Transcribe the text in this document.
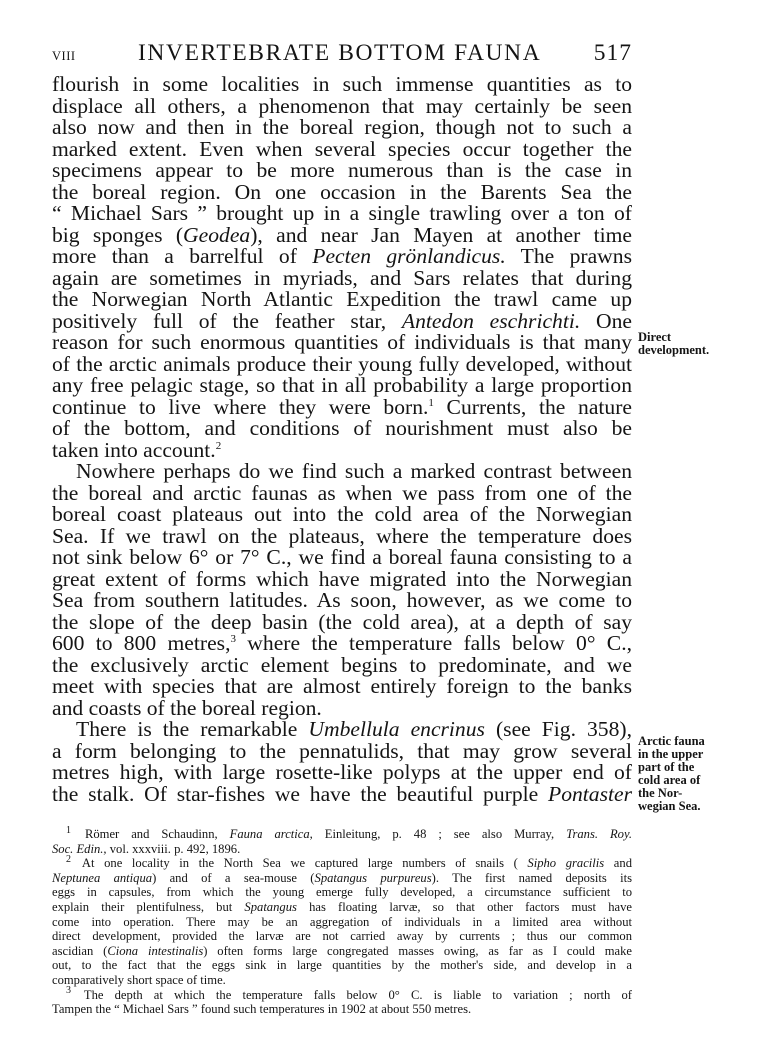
VIII	INVERTEBRATE BOTTOM FAUNA 517
flourish in some localities in such immense quantities as to
displace all others, a phenomenon that may certainly be seen
also now and then in the boreal region, though not to such a
marked extent. Even when several species occur together the
specimens appear to be more numerous than is the case in
the boreal region. On one occasion in the Barents Sea the
“ Michael Sars ” brought up in a single trawling over a ton of
big sponges (Geodea), and near Jan Mayen at another time
more than a barrelful of Pecten grönlandicus. The prawns
again are sometimes in myriads, and Sars relates that during
the Norwegian North Atlantic Expedition the trawl came up
positively full of the feather star, Antedon eschrichti. One
reason for such enormous quantities of individuals is that many
of the arctic animals produce their young fully developed, without
any free pelagic stage, so that in all probability a large proportion
continue to live where they were born.$^1$ Currents, the nature
of the bottom, and conditions of nourishment must also be
taken into account.$^2$
Nowhere perhaps do we find such a marked contrast between
the boreal and arctic faunas as when we pass from one of the
boreal coast plateaus out into the cold area of the Norwegian
Sea. If we trawl on the plateaus, where the temperature does
not sink below 6° or 7° C., we find a boreal fauna consisting to a
great extent of forms which have migrated into the Norwegian
Sea from southern latitudes. As soon, however, as we come to
the slope of the deep basin (the cold area), at a depth of say
600 to 800 metres,$^3$ where the temperature falls below 0° C.,
the exclusively arctic element begins to predominate, and we
meet with species that are almost entirely foreign to the banks
and coasts of the boreal region.
There is the remarkable Umbellula encrinus (see Fig. 358),
a form belonging to the pennatulids, that may grow several
metres high, with large rosette-like polyps at the upper end of
the stalk. Of star-fishes we have the beautiful purple Pontaster
Direct
development.
Arctic fauna
in the upper
part of the
cold area of
the Nor-
wegian Sea.
$^1$ Römer and Schaudinn, Fauna arctica, Einleitung, p. 48 ; see also Murray, Trans. Roy.
Soc. Edin., vol. xxxviii. p. 492, 1896.
$^2$ At one locality in the North Sea we captured large numbers of snails ( Sipho gracilis and
Neptunea antiqua) and of a sea-mouse (Spatangus purpureus). The first named deposits its
eggs in capsules, from which the young emerge fully developed, a circumstance sufficient to
explain their plentifulness, but Spatangus has floating larvæ, so that other factors must have
come into operation. There may be an aggregation of individuals in a limited area without
direct development, provided the larvæ are not carried away by currents ; thus our common
ascidian (Ciona intestinalis) often forms large congregated masses owing, as far as I could make
out, to the fact that the eggs sink in large quantities by the mother's side, and develop in a
comparatively short space of time.
$^3$ The depth at which the temperature falls below 0° C. is liable to variation ; north of
Tampen the “ Michael Sars ” found such temperatures in 1902 at about 550 metres.
